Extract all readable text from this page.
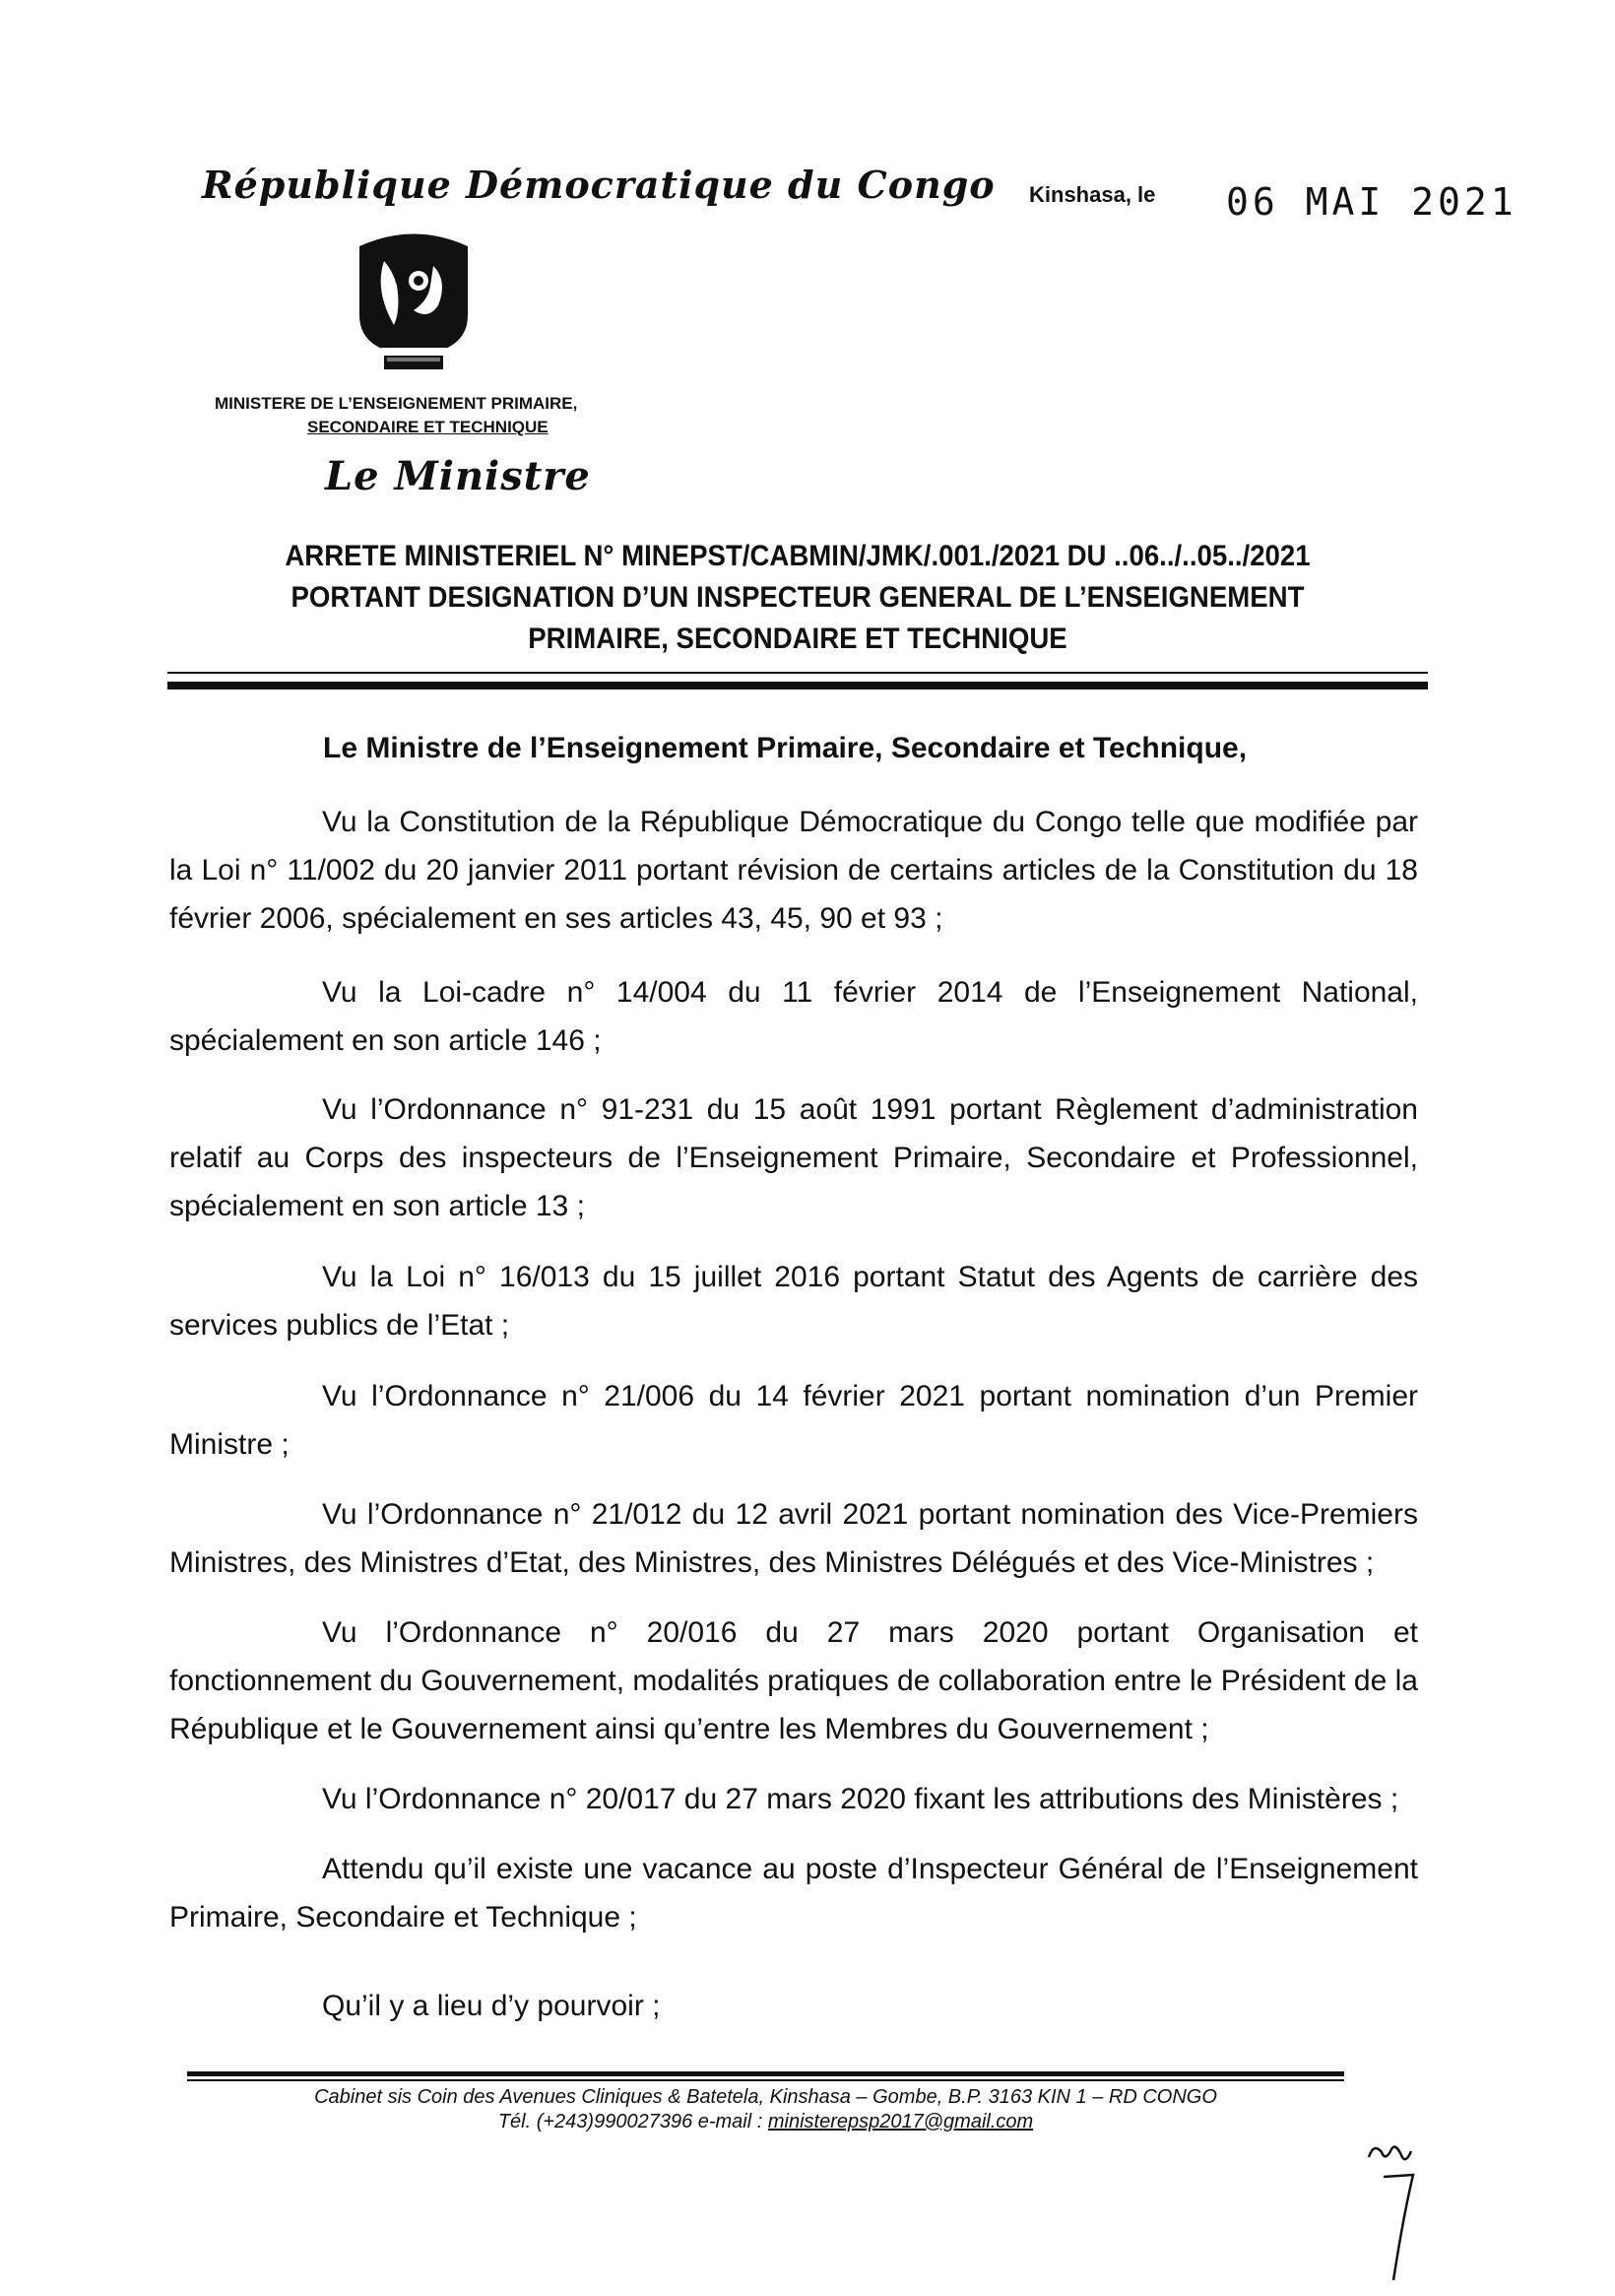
République Démocratique du Congo Kinshasa, le 06 MAI 2021
MINISTERE DE L’ENSEIGNEMENT PRIMAIRE,
SECONDAIRE ET TECHNIQUE
Le Ministre
ARRETE MINISTERIEL N° MINEPST/CABMIN/JMK/.001./2021 DU ..06../..05../2021
PORTANT DESIGNATION D’UN INSPECTEUR GENERAL DE L’ENSEIGNEMENT
PRIMAIRE, SECONDAIRE ET TECHNIQUE
Le Ministre de l’Enseignement Primaire, Secondaire et Technique,
Vu la Constitution de la République Démocratique du Congo telle que modifiée par la Loi n° 11/002 du 20 janvier 2011 portant révision de certains articles de la Constitution du 18 février 2006, spécialement en ses articles 43, 45, 90 et 93 ;
Vu la Loi-cadre n° 14/004 du 11 février 2014 de l’Enseignement National, spécialement en son article 146 ;
Vu l’Ordonnance n° 91-231 du 15 août 1991 portant Règlement d’administration relatif au Corps des inspecteurs de l’Enseignement Primaire, Secondaire et Professionnel, spécialement en son article 13 ;
Vu la Loi n° 16/013 du 15 juillet 2016 portant Statut des Agents de carrière des services publics de l’Etat ;
Vu l’Ordonnance n° 21/006 du 14 février 2021 portant nomination d’un Premier Ministre ;
Vu l’Ordonnance n° 21/012 du 12 avril 2021 portant nomination des Vice-Premiers Ministres, des Ministres d’Etat, des Ministres, des Ministres Délégués et des Vice-Ministres ;
Vu l’Ordonnance n° 20/016 du 27 mars 2020 portant Organisation et fonctionnement du Gouvernement, modalités pratiques de collaboration entre le Président de la République et le Gouvernement ainsi qu’entre les Membres du Gouvernement ;
Vu l’Ordonnance n° 20/017 du 27 mars 2020 fixant les attributions des Ministères ;
Attendu qu’il existe une vacance au poste d’Inspecteur Général de l’Enseignement Primaire, Secondaire et Technique ;
Qu’il y a lieu d’y pourvoir ;
Cabinet sis Coin des Avenues Cliniques & Batetela, Kinshasa – Gombe, B.P. 3163 KIN 1 – RD CONGO
Tél. (+243)990027396 e-mail : ministerepsp2017@gmail.com
